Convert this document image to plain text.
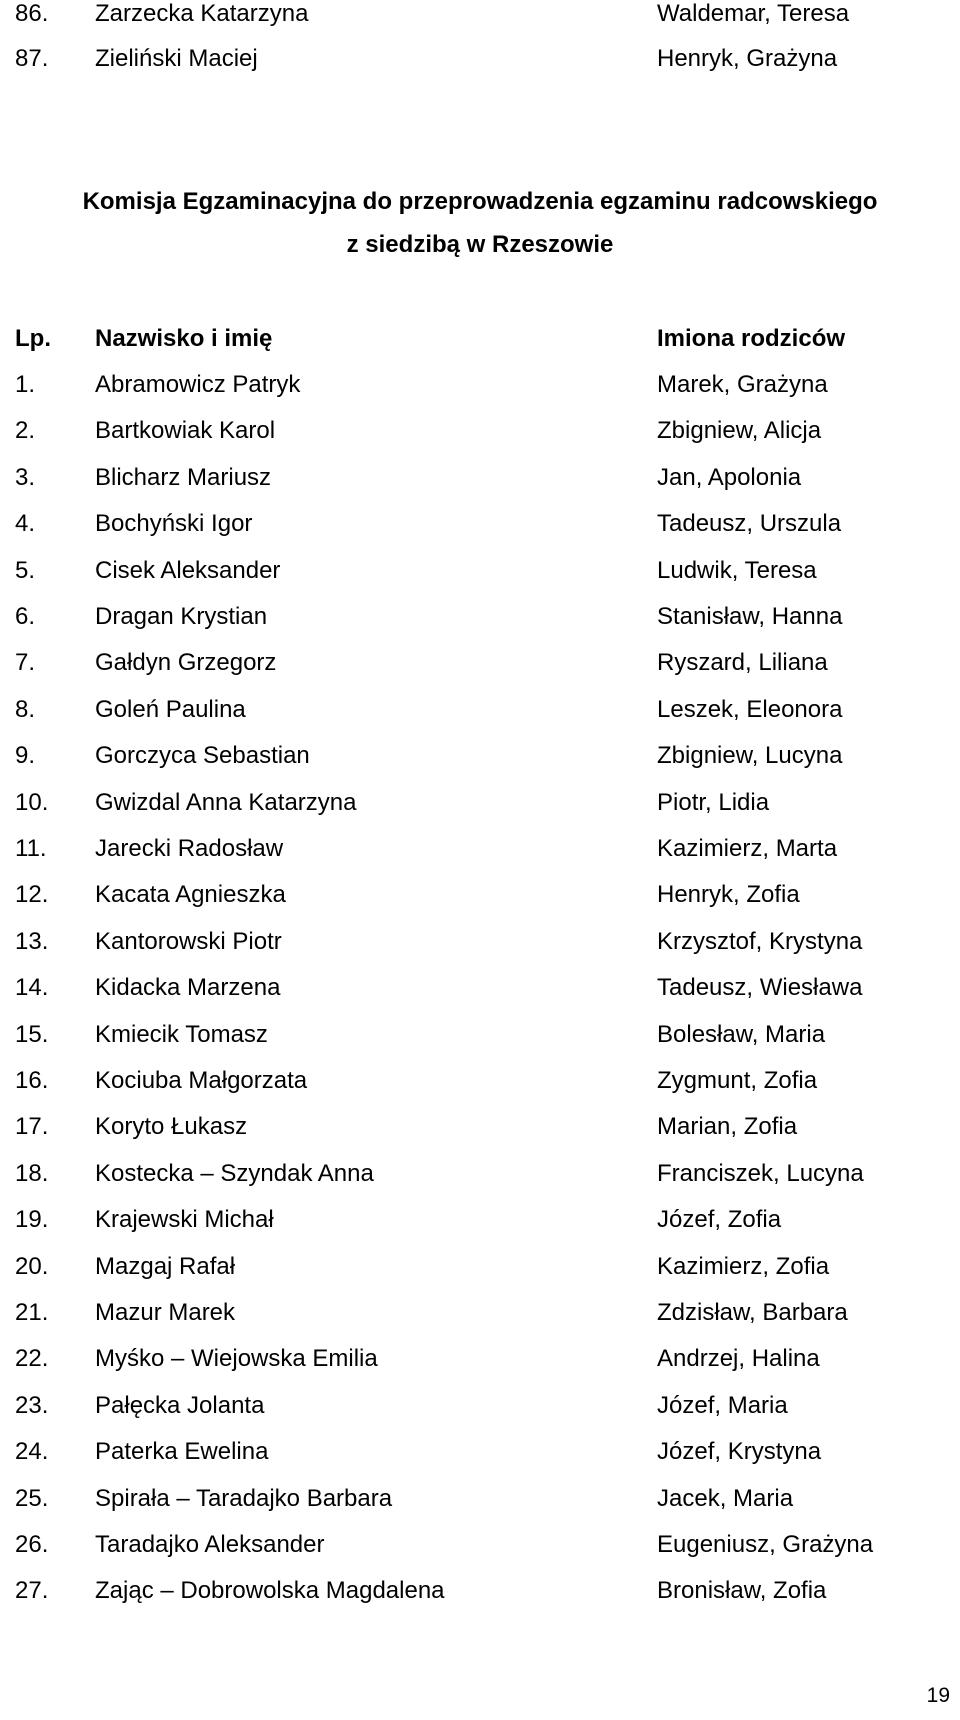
86. Zarzecka Katarzyna	Waldemar, Teresa
87. Zieliński Maciej	Henryk, Grażyna
Komisja Egzaminacyjna do przeprowadzenia egzaminu radcowskiego
z siedzibą w Rzeszowie
Lp. Nazwisko i imię	Imiona rodziców
1. Abramowicz Patryk	Marek, Grażyna
2. Bartkowiak Karol	Zbigniew, Alicja
3. Blicharz Mariusz	Jan, Apolonia
4. Bochyński Igor	Tadeusz, Urszula
5. Cisek Aleksander	Ludwik, Teresa
6. Dragan Krystian	Stanisław, Hanna
7. Gałdyn Grzegorz	Ryszard, Liliana
8. Goleń Paulina	Leszek, Eleonora
9. Gorczyca Sebastian	Zbigniew, Lucyna
10. Gwizdal Anna Katarzyna	Piotr, Lidia
11. Jarecki Radosław	Kazimierz, Marta
12. Kacata Agnieszka	Henryk, Zofia
13. Kantorowski Piotr	Krzysztof, Krystyna
14. Kidacka Marzena	Tadeusz, Wiesława
15. Kmiecik Tomasz	Bolesław, Maria
16. Kociuba Małgorzata	Zygmunt, Zofia
17. Koryto Łukasz	Marian, Zofia
18. Kostecka – Szyndak Anna	Franciszek, Lucyna
19. Krajewski Michał	Józef, Zofia
20. Mazgaj Rafał	Kazimierz, Zofia
21. Mazur Marek	Zdzisław, Barbara
22. Myśko – Wiejowska Emilia	Andrzej, Halina
23. Pałęcka Jolanta	Józef, Maria
24. Paterka Ewelina	Józef, Krystyna
25. Spirała – Taradajko Barbara	Jacek, Maria
26. Taradajko Aleksander	Eugeniusz, Grażyna
27. Zając – Dobrowolska Magdalena	Bronisław, Zofia
19
